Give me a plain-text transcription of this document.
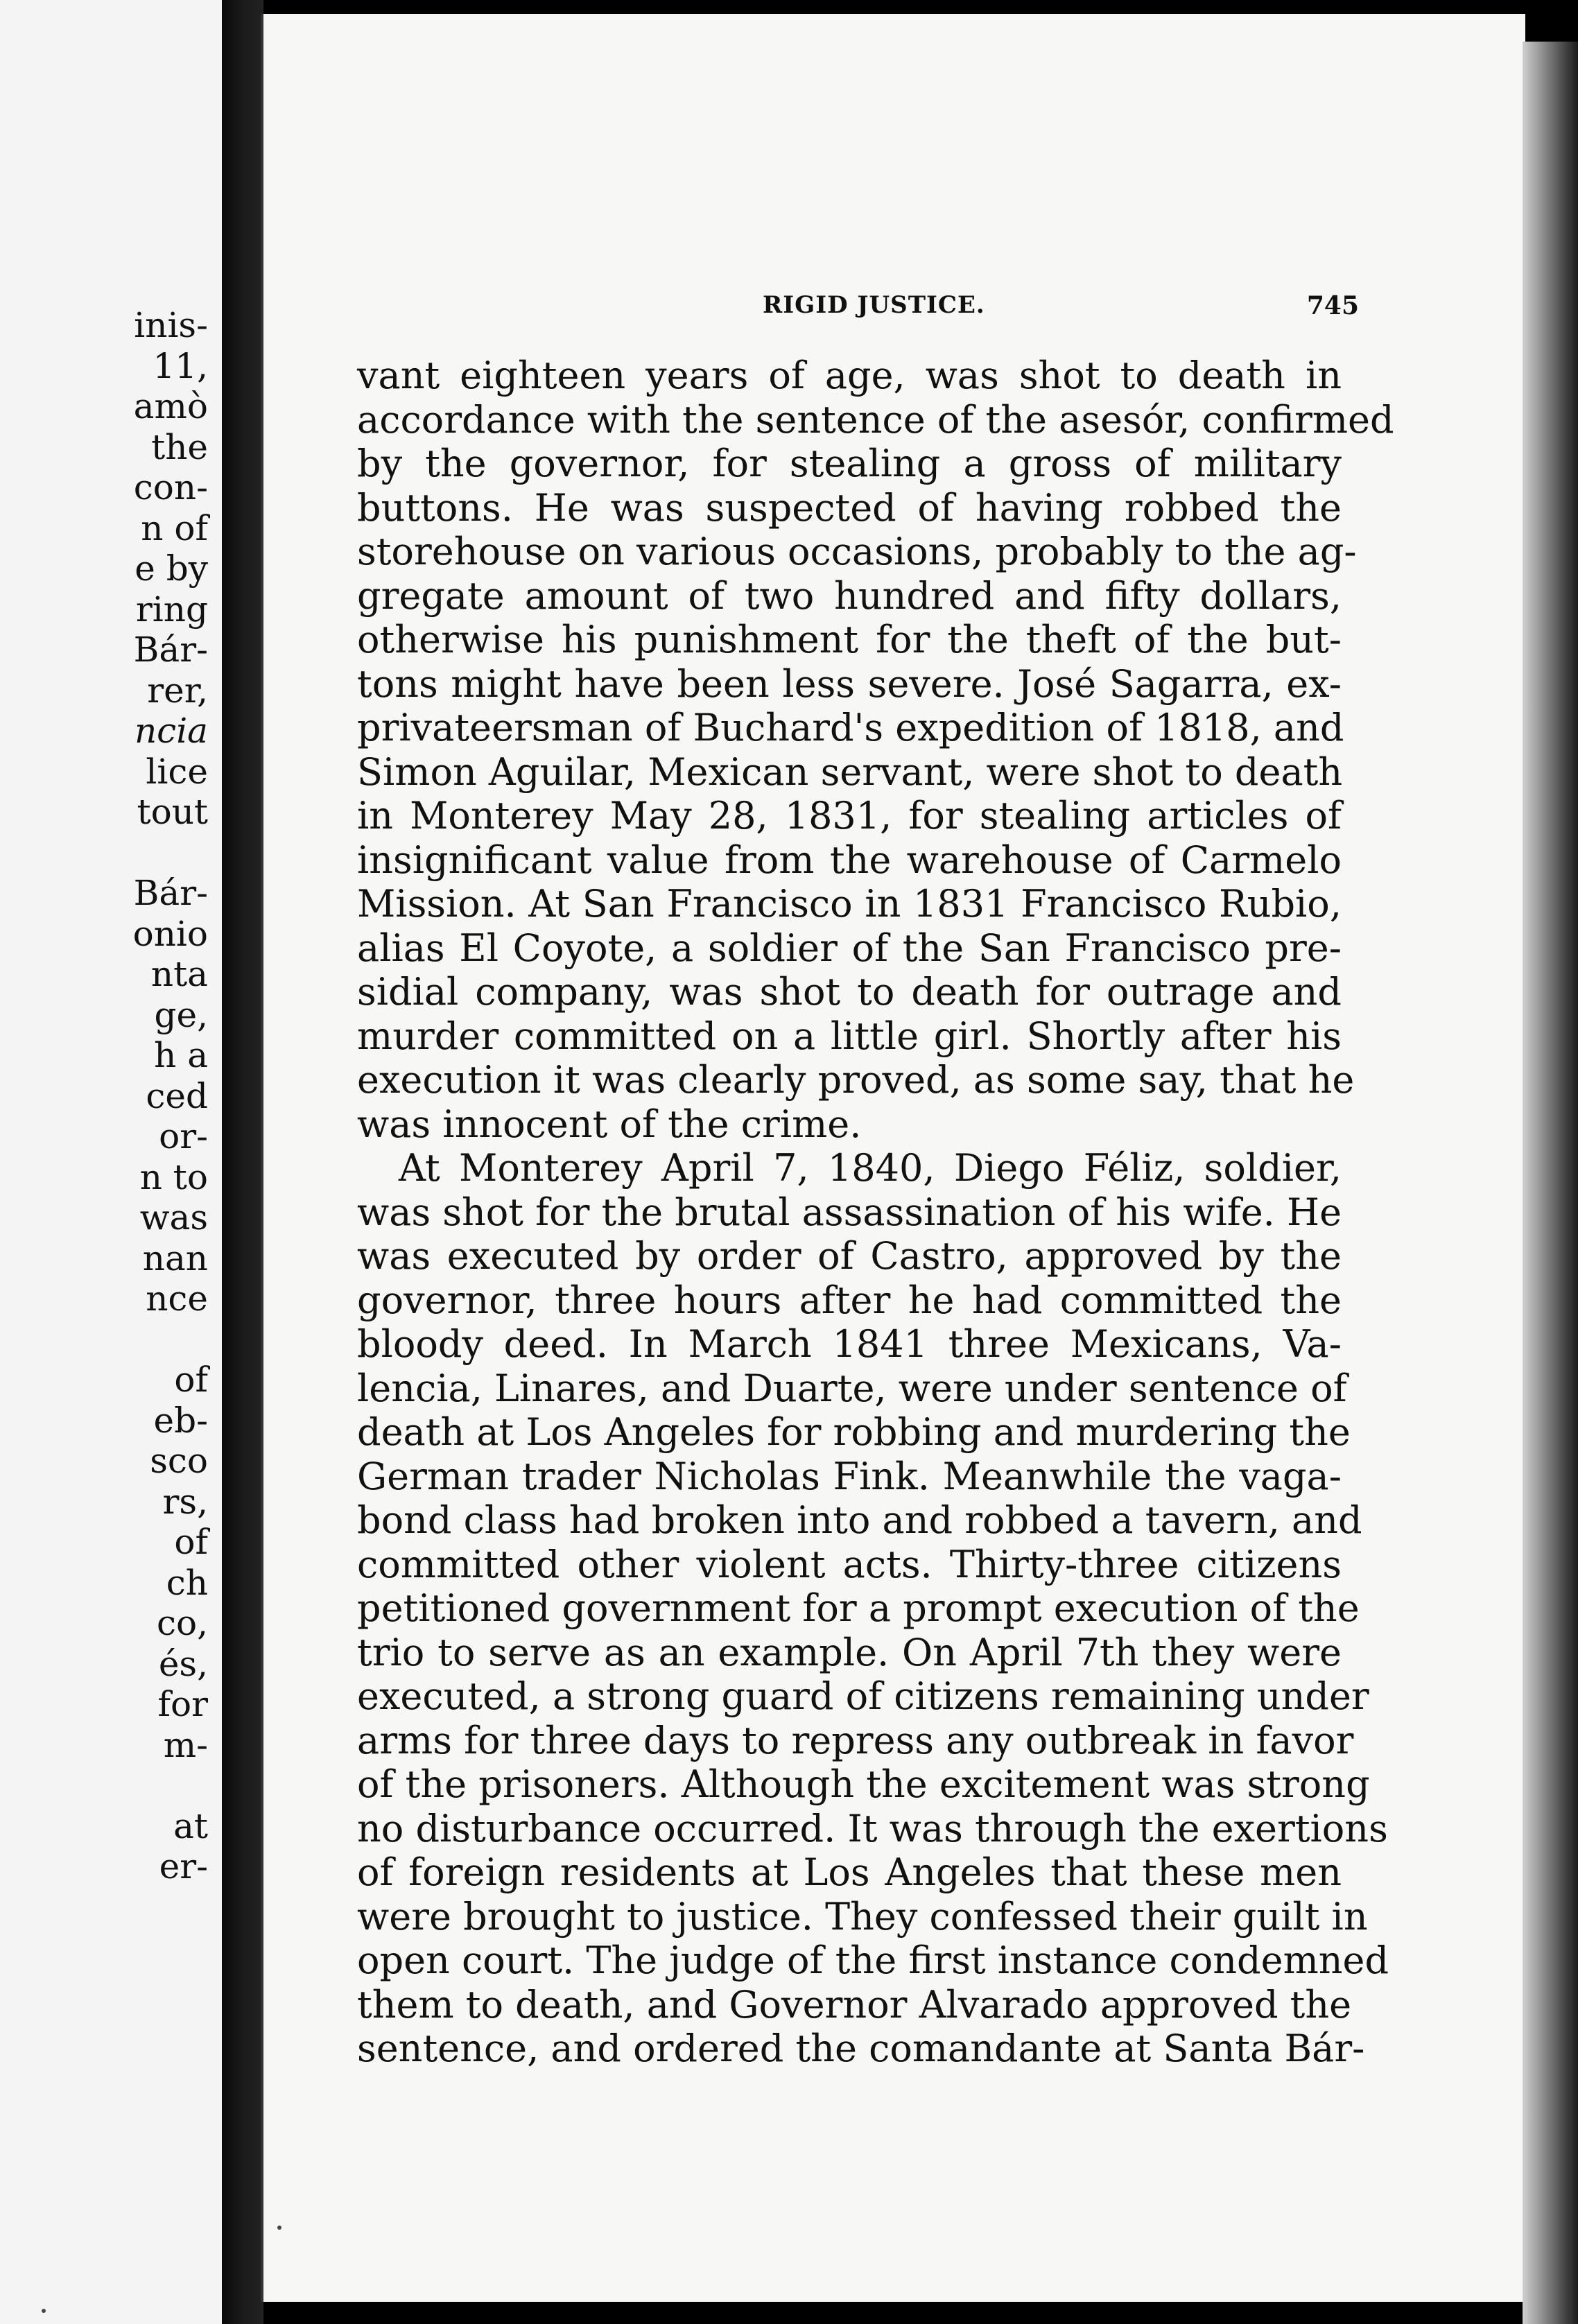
inis-
11,
amò
the
con-
n of
e by
ring
Bár-
rer,
ncia
lice
tout
Bár-
onio
nta
ge,
h a
ced
or-
n to
was
nan
nce
of
eb-
sco
rs,
of
ch
co,
és,
for
m-
at
er-
RIGID JUSTICE.	745
vant eighteen years of age, was shot to death in
accordance with the sentence of the asesór, confirmed
by the governor, for stealing a gross of military
buttons. He was suspected of having robbed the
storehouse on various occasions, probably to the ag-
gregate amount of two hundred and fifty dollars,
otherwise his punishment for the theft of the but-
tons might have been less severe. José Sagarra, ex-
privateersman of Buchard's expedition of 1818, and
Simon Aguilar, Mexican servant, were shot to death
in Monterey May 28, 1831, for stealing articles of
insignificant value from the warehouse of Carmelo
Mission. At San Francisco in 1831 Francisco Rubio,
alias El Coyote, a soldier of the San Francisco pre-
sidial company, was shot to death for outrage and
murder committed on a little girl. Shortly after his
execution it was clearly proved, as some say, that he
was innocent of the crime.
At Monterey April 7, 1840, Diego Féliz, soldier,
was shot for the brutal assassination of his wife. He
was executed by order of Castro, approved by the
governor, three hours after he had committed the
bloody deed. In March 1841 three Mexicans, Va-
lencia, Linares, and Duarte, were under sentence of
death at Los Angeles for robbing and murdering the
German trader Nicholas Fink. Meanwhile the vaga-
bond class had broken into and robbed a tavern, and
committed other violent acts. Thirty-three citizens
petitioned government for a prompt execution of the
trio to serve as an example. On April 7th they were
executed, a strong guard of citizens remaining under
arms for three days to repress any outbreak in favor
of the prisoners. Although the excitement was strong
no disturbance occurred. It was through the exertions
of foreign residents at Los Angeles that these men
were brought to justice. They confessed their guilt in
open court. The judge of the first instance condemned
them to death, and Governor Alvarado approved the
sentence, and ordered the comandante at Santa Bár-
